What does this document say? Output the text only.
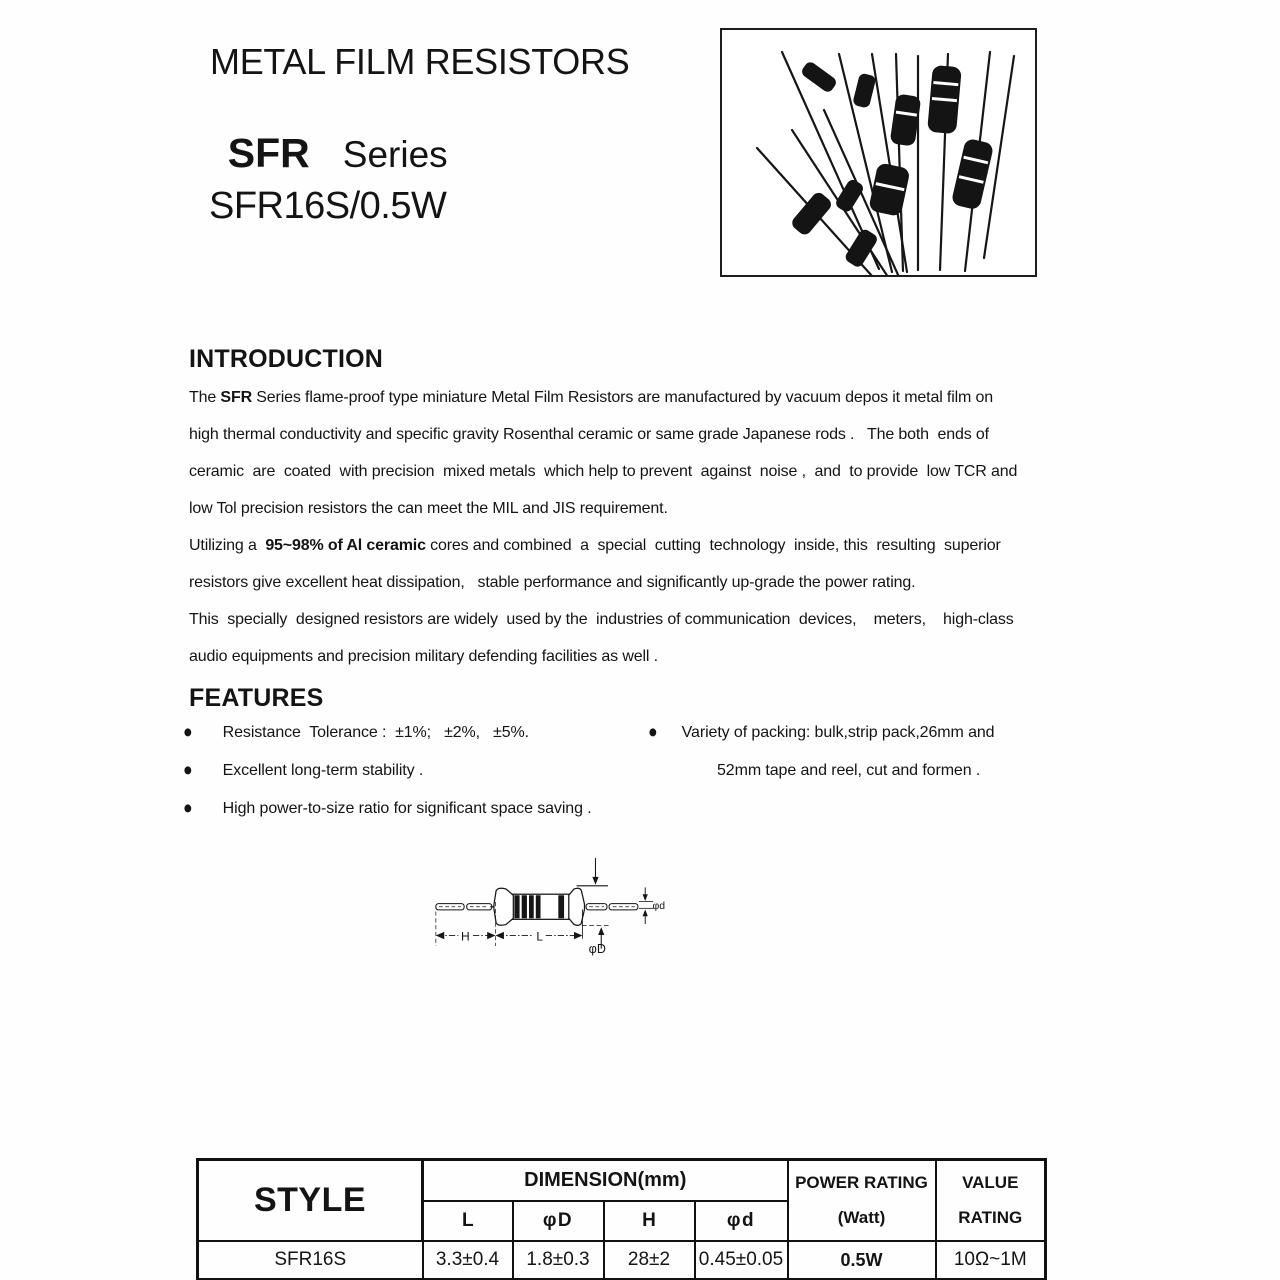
METAL FILM RESISTORS

SFR Series

SFR16S/0.5W
INTRODUCTION
The SFR Series flame-proof type miniature Metal Film Resistors are manufactured by vacuum depos it metal film on
high thermal conductivity and specific gravity Rosenthal ceramic or same grade Japanese rods .   The both  ends of
ceramic  are  coated  with precision  mixed metals  which help to prevent  against  noise ,  and  to provide  low TCR and
low Tol precision resistors the can meet the MIL and JIS requirement.
Utilizing a  95~98% of Al ceramic cores and combined  a  special  cutting  technology  inside, this  resulting  superior
resistors give excellent heat dissipation,   stable performance and significantly up-grade the power rating.
This  specially  designed resistors are widely  used by the  industries of communication  devices,    meters,    high-class
audio equipments and precision military defending facilities as well .
FEATURES
● Resistance  Tolerance :  ±1%;   ±2%,   ±5%.
● Excellent long-term stability .
● High power-to-size ratio for significant space saving .
● Variety of packing: bulk,strip pack,26mm and
52mm tape and reel, cut and formen .
φd
φD
H	L
STYLE	DIMENSION(mm)	POWER RATING
(Watt)

VALUE
RATING

	L	φD	H	φd		
SFR16S	3.3±0.4	1.8±0.3	28±2	0.45±0.05	0.5W	10Ω~1M
